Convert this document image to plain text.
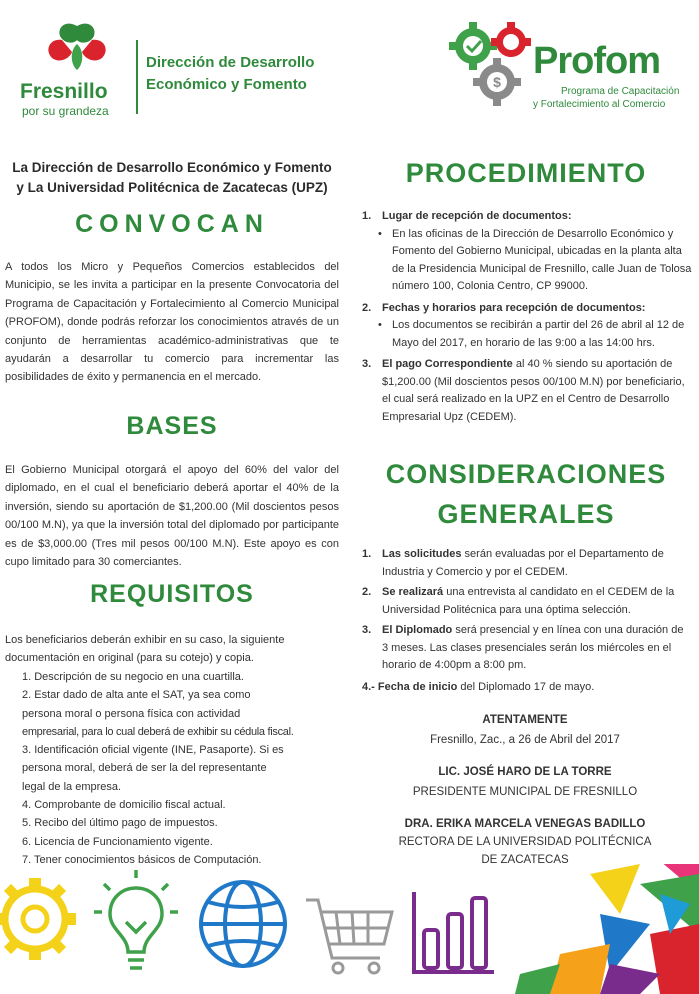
Fresnillo
por su grandeza
Dirección de Desarrollo
Económico y Fomento	$ Profom
Programa de Capacitación
y Fortalecimiento al Comercio
La Dirección de Desarrollo Económico y Fomento
y La Universidad Politécnica de Zacatecas (UPZ)
CONVOCAN
A todos los Micro y Pequeños Comercios establecidos del Municipio, se les invita a participar en la presente Convocatoria del Programa de Capacitación y Fortalecimiento al Comercio Municipal (PROFOM), donde podrás reforzar los conocimientos através de un conjunto de herramientas académico-administrativas que te ayudarán a desarrollar tu comercio para incrementar las posibilidades de éxito y permanencia en el mercado.
BASES
El Gobierno Municipal otorgará el apoyo del 60% del valor del diplomado, en el cual el beneficiario deberá aportar el 40% de la inversión, siendo su aportación de $1,200.00 (Mil doscientos pesos 00/100 M.N), ya que la inversión total del diplomado por participante es de $3,000.00 (Tres mil pesos 00/100 M.N). Este apoyo es con cupo limitado para 30 comerciantes.
REQUISITOS
Los beneficiarios deberán exhibir en su caso, la siguiente documentación en original (para su cotejo) y copia.
1. Descripción de su negocio en una cuartilla.
2. Estar dado de alta ante el SAT, ya sea como
persona moral o persona física con actividad
empresarial, para lo cual deberá de exhibir su cédula fiscal.
3. Identificación oficial vigente (INE, Pasaporte). Si es
persona moral, deberá de ser la del representante
legal de la empresa.
4. Comprobante de domicilio fiscal actual.
5. Recibo del último pago de impuestos.
6. Licencia de Funcionamiento vigente.
7. Tener conocimientos básicos de Computación.
PROCEDIMIENTO
1. Lugar de recepción de documentos:
• En las oficinas de la Dirección de Desarrollo Económico y Fomento del Gobierno Municipal, ubicadas en la planta alta de la Presidencia Municipal de Fresnillo, calle Juan de Tolosa número 100, Colonia Centro, CP 99000.
2. Fechas y horarios para recepción de documentos:
• Los documentos se recibirán a partir del 26 de abril al 12 de Mayo del 2017, en horario de las 9:00 a las 14:00 hrs.
3. El pago Correspondiente al 40 % siendo su aportación de $1,200.00 (Mil doscientos pesos 00/100 M.N) por beneficiario, el cual será realizado en la UPZ en el Centro de Desarrollo Empresarial Upz (CEDEM).
CONSIDERACIONES
GENERALES
1. Las solicitudes serán evaluadas por el Departamento de Industria y Comercio y por el CEDEM.
2. Se realizará una entrevista al candidato en el CEDEM de la Universidad Politécnica para una óptima selección.
3. El Diplomado será presencial y en línea con una duración de 3 meses. Las clases presenciales serán los miércoles en el horario de 4:00pm a 8:00 pm.
4.- Fecha de inicio del Diplomado 17 de mayo.
ATENTAMENTE
Fresnillo, Zac., a 26 de Abril del 2017
LIC. JOSÉ HARO DE LA TORRE
PRESIDENTE MUNICIPAL DE FRESNILLO
DRA. ERIKA MARCELA VENEGAS BADILLO
RECTORA DE LA UNIVERSIDAD POLITÉCNICA
DE ZACATECAS
